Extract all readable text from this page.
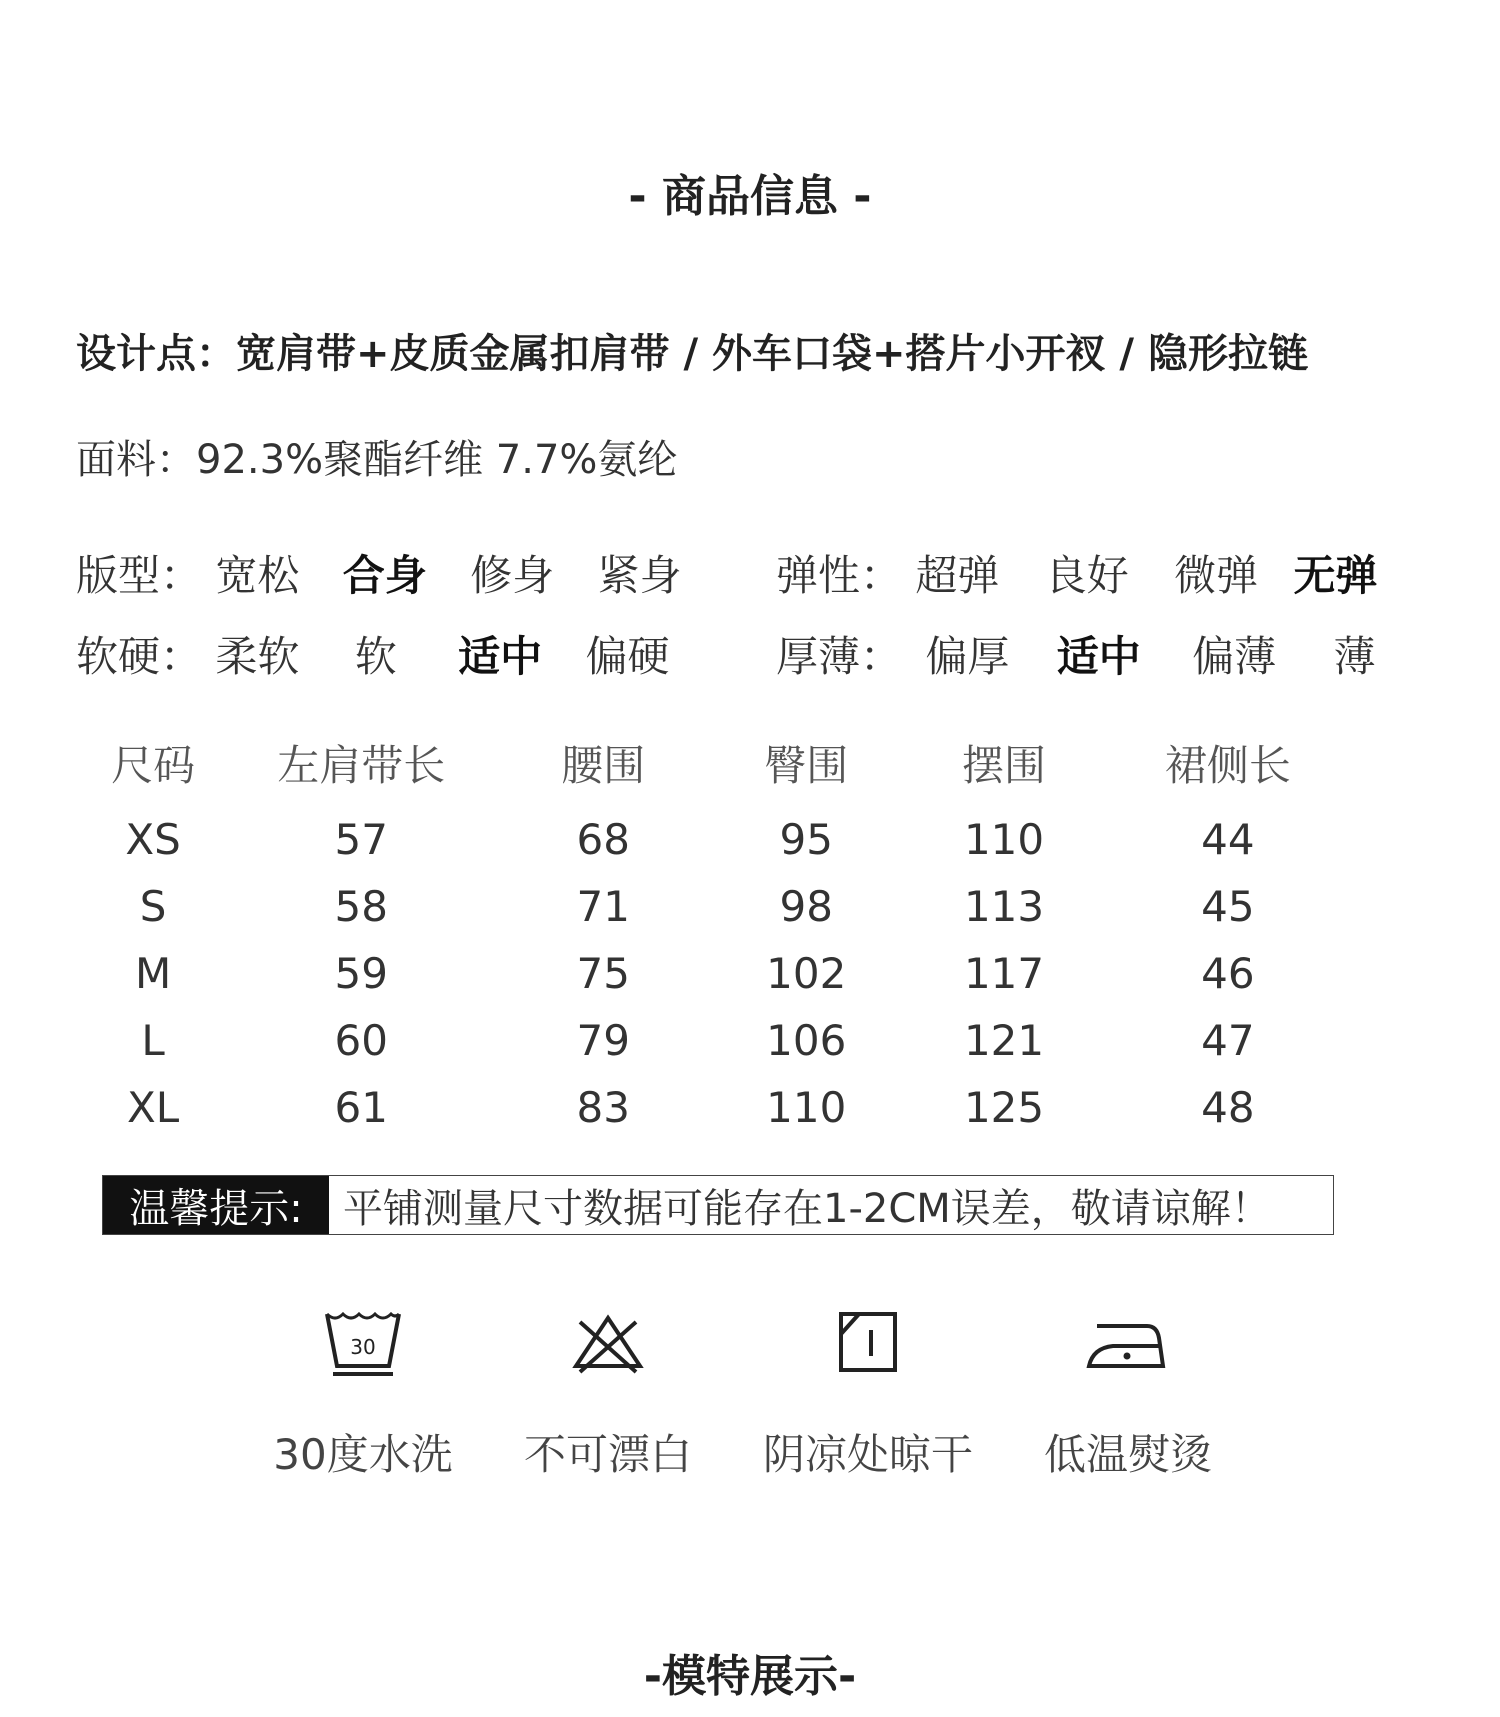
- 商品信息 -
设计点：宽肩带+皮质金属扣肩带 / 外车口袋+搭片小开衩 / 隐形拉链
面料：92.3%聚酯纤维 7.7%氨纶
版型： 宽松 合身 修身 紧身 弹性： 超弹 良好 微弹 无弹
软硬： 柔软 软 适中 偏硬	厚薄： 偏厚 适中 偏薄 薄
尺码	左肩带长	腰围	臀围	摆围	裙侧长
XS	57	68	95	110	44
S	58	71	98	113	45
M	59	75	102	117	46
L	60	79	106	121	47
XL	61	83	110	125	48
温馨提示:	平铺测量尺寸数据可能存在1-2CM误差，敬请谅解！
30
30度水洗	不可漂白	阴凉处晾干	低温熨烫
-模特展示-
